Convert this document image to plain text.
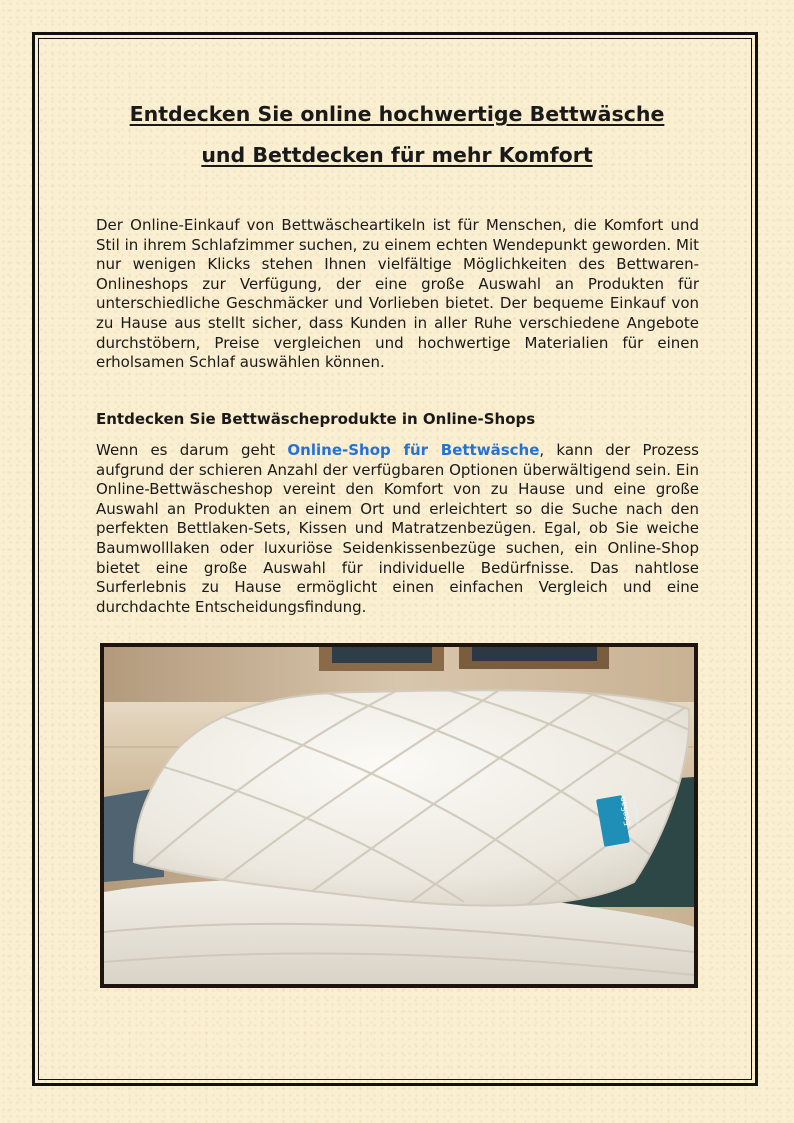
Entdecken Sie online hochwertige Bettwäsche
und Bettdecken für mehr Komfort

Der Online-Einkauf von Bettwäscheartikeln ist für Menschen, die Komfort und Stil in ihrem Schlafzimmer suchen, zu einem echten Wendepunkt geworden. Mit nur wenigen Klicks stehen Ihnen vielfältige Möglichkeiten des Bettwaren-Onlineshops zur Verfügung, der eine große Auswahl an Produkten für unterschiedliche Geschmäcker und Vorlieben bietet. Der bequeme Einkauf von zu Hause aus stellt sicher, dass Kunden in aller Ruhe verschiedene Angebote durchstöbern, Preise vergleichen und hochwertige Materialien für einen erholsamen Schlaf auswählen können.

Entdecken Sie Bettwäscheprodukte in Online-Shops

Wenn es darum geht Online-Shop für Bettwäsche, kann der Prozess aufgrund der schieren Anzahl der verfügbaren Optionen überwältigend sein. Ein Online-Bettwäscheshop vereint den Komfort von zu Hause und eine große Auswahl an Produkten an einem Ort und erleichtert so die Suche nach den perfekten Bettlaken-Sets, Kissen und Matratzenbezügen. Egal, ob Sie weiche Baumwolllaken oder luxuriöse Seidenkissenbezüge suchen, ein Online-Shop bietet eine große Auswahl für individuelle Bedürfnisse. Das nahtlose Surferlebnis zu Hause ermöglicht einen einfachen Vergleich und eine durchdachte Entscheidungsfindung.

EcoSan Bettwaren
